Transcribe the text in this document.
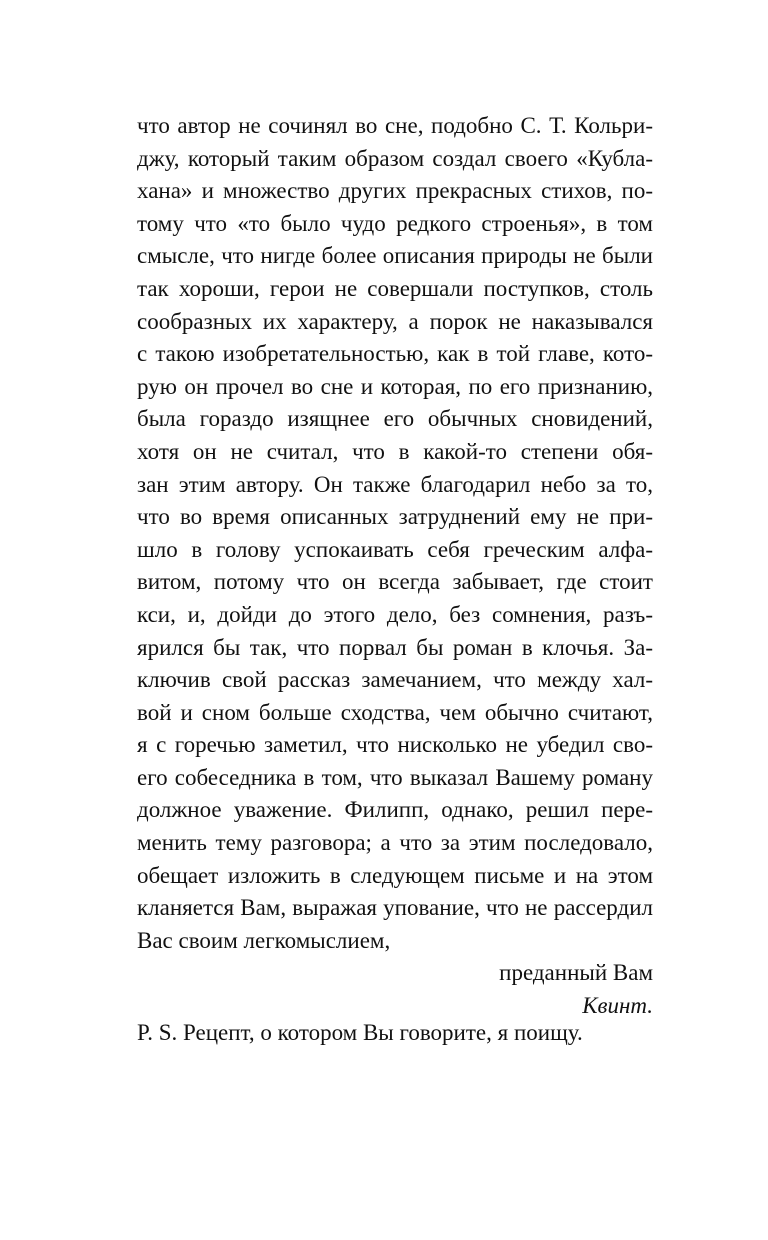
что автор не сочинял во сне, подобно С. Т. Кольри-
джу, который таким образом создал своего «Кубла-
хана» и множество других прекрасных стихов, по-
тому что «то было чудо редкого строенья», в том
смысле, что нигде более описания природы не были
так хороши, герои не совершали поступков, столь
сообразных их характеру, а порок не наказывался
с такою изобретательностью, как в той главе, кото-
рую он прочел во сне и которая, по его признанию,
была гораздо изящнее его обычных сновидений,
хотя он не считал, что в какой-то степени обя-
зан этим автору. Он также благодарил небо за то,
что во время описанных затруднений ему не при-
шло в голову успокаивать себя греческим алфа-
витом, потому что он всегда забывает, где стоит
кси, и, дойди до этого дело, без сомнения, разъ-
ярился бы так, что порвал бы роман в клочья. За-
ключив свой рассказ замечанием, что между хал-
вой и сном больше сходства, чем обычно считают,
я с горечью заметил, что нисколько не убедил сво-
его собеседника в том, что выказал Вашему роману
должное уважение. Филипп, однако, решил пере-
менить тему разговора; а что за этим последовало,
обещает изложить в следующем письме и на этом
кланяется Вам, выражая упование, что не рассердил
Вас своим легкомыслием,
преданный Вам
Квинт.
P. S. Рецепт, о котором Вы говорите, я поищу.
